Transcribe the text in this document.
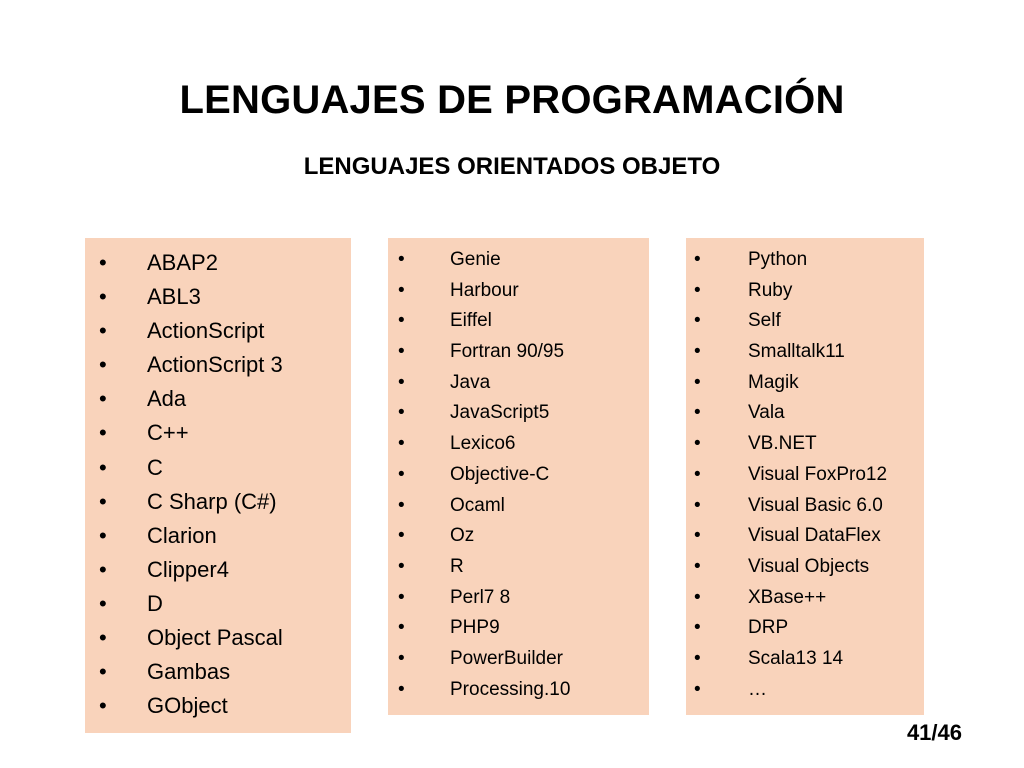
LENGUAJES DE PROGRAMACIÓN
LENGUAJES ORIENTADOS OBJETO
• ABAP2
• ABL3
• ActionScript
• ActionScript 3
• Ada
• C++
• C
• C Sharp (C#)
• Clarion
• Clipper4
• D
• Object Pascal
• Gambas
• GObject
• Genie
• Harbour
• Eiffel
• Fortran 90/95
• Java
• JavaScript5
• Lexico6
• Objective-C
• Ocaml
• Oz
• R
• Perl7 8
• PHP9
• PowerBuilder
• Processing.10
• Python
• Ruby
• Self
• Smalltalk11
• Magik
• Vala
• VB.NET
• Visual FoxPro12
• Visual Basic 6.0
• Visual DataFlex
• Visual Objects
• XBase++
• DRP
• Scala13 14
• …
41/46
